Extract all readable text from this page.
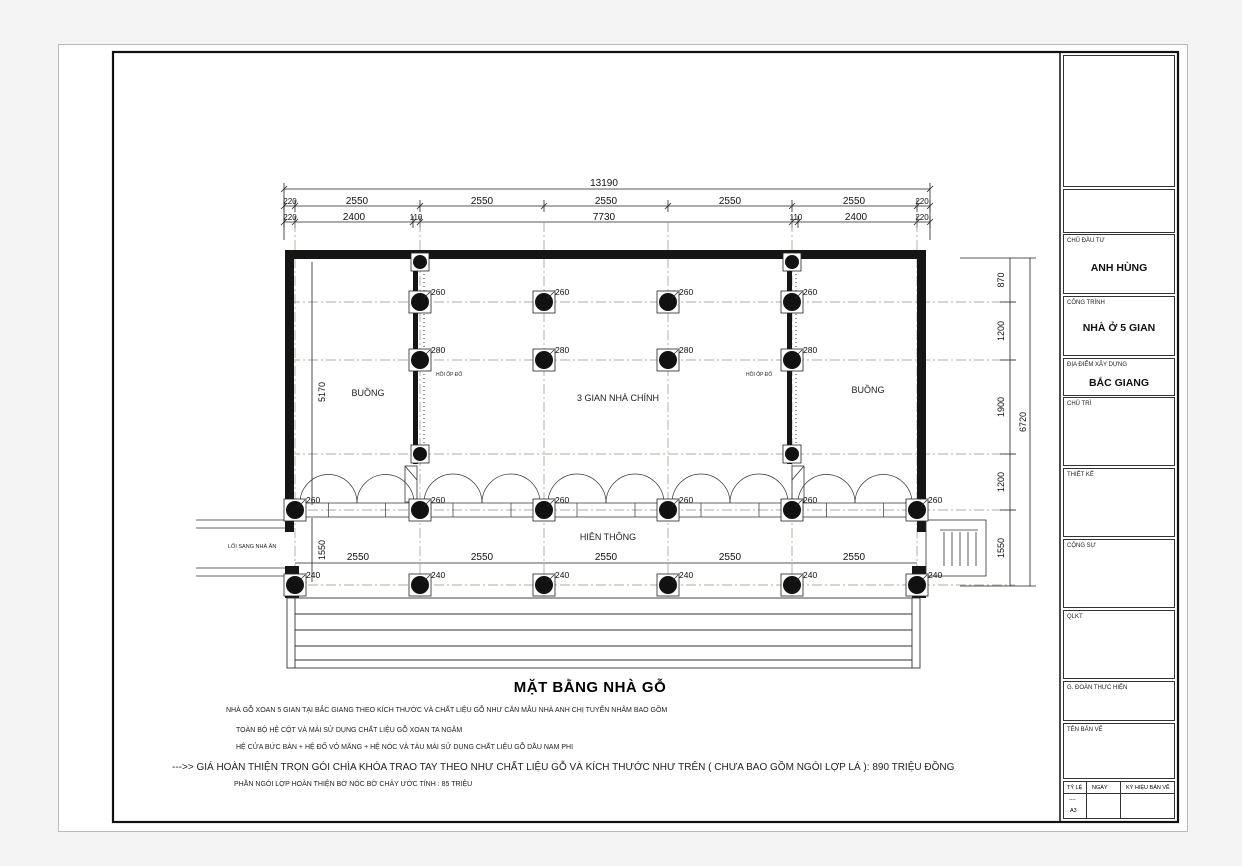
13190
220	2550	2550	2550	2550	2550	220
220	2400	110	7730	110	2400	220
260	260	260	260
280	280	280	280
260	260	260	260	260	260
240	240	240	240	240	240
870
1200
1900
1200
1550
6720
5170
1550 2550	2550	2550	2550	2550
BUỒNG	3 GIAN NHÀ CHÍNH
BUỒNG
HIÊN THÔNG
LỐI SANG NHÀ ĂN
HỒI ỐP ĐỐ	HỒI ỐP ĐỐ
MẶT BẰNG NHÀ GỖ
NHÀ GỖ XOAN 5 GIAN TẠI BẮC GIANG THEO KÍCH THƯỚC VÀ CHẤT LIỆU GỖ NHƯ CĂN MẪU NHÀ ANH CHỊ TUYỂN NHÂM BAO GỒM
TOÀN BỘ HỆ CỘT VÀ MÁI SỬ DỤNG CHẤT LIỆU GỖ XOAN TA NGÂM
HỆ CỬA BỨC BÀN + HỆ ĐỐ VỎ MĂNG + HỆ NÓC VÀ TÀU MÁI SỬ DỤNG CHẤT LIỆU GỖ DẦU NAM PHI
--->> GIÁ HOÀN THIỆN TRỌN GÓI CHÌA KHÓA TRAO TAY THEO NHƯ CHẤT LIỆU GỖ VÀ KÍCH THƯỚC NHƯ TRÊN ( CHƯA BAO GỒM NGÓI LỢP LÁ ): 890 TRIỆU ĐỒNG
PHẦN NGÓI LỢP HOÀN THIỆN BỜ NÓC BỜ CHẢY ƯỚC TÍNH : 85 TRIỆU
CHỦ ĐẦU TƯ
ANH HÙNG
CÔNG TRÌNH
NHÀ Ở 5 GIAN
ĐỊA ĐIỂM XÂY DỰNG
BẮC GIANG
CHỦ TRÌ
THIẾT KẾ
CỘNG SỰ
QLKT
G. ĐOÀN THỰC HIỆN
TÊN BẢN VẼ
TỶ LỆ NGÀY	KÝ HIỆU BẢN VẼ
----
A3
